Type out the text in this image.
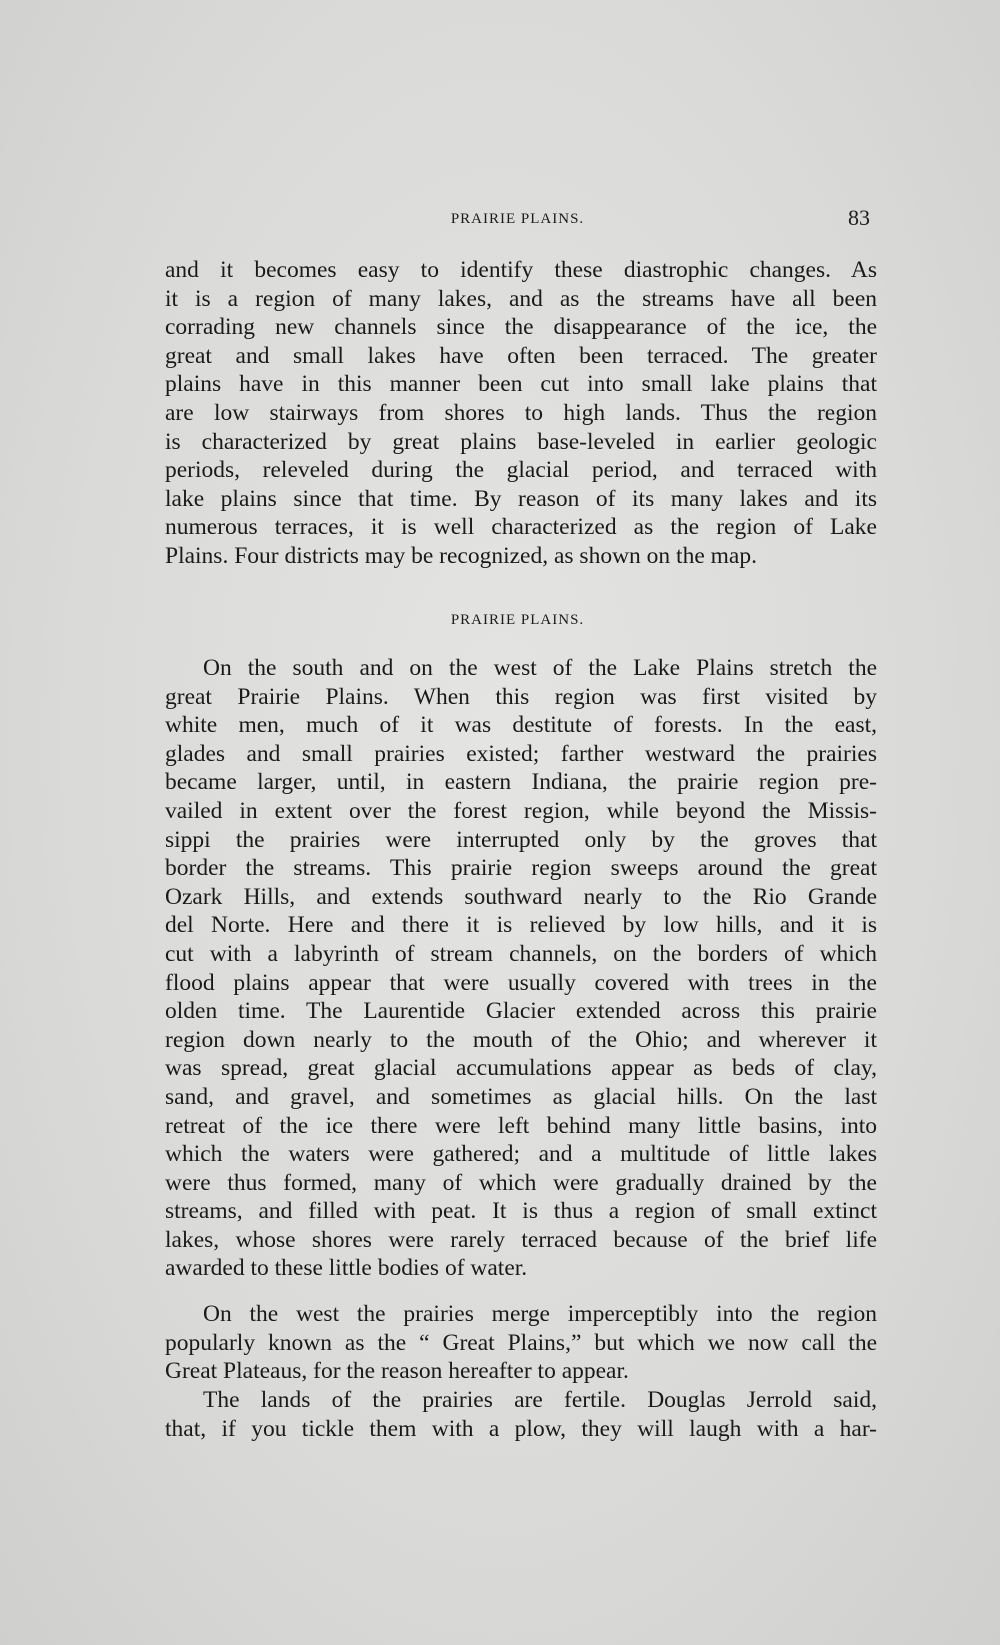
PRAIRIE PLAINS.	83
and it becomes easy to identify these diastrophic changes. As
it is a region of many lakes, and as the streams have all been
corrading new channels since the disappearance of the ice, the
great and small lakes have often been terraced. The greater
plains have in this manner been cut into small lake plains that
are low stairways from shores to high lands. Thus the region
is characterized by great plains base-leveled in earlier geologic
periods, releveled during the glacial period, and terraced with
lake plains since that time. By reason of its many lakes and its
numerous terraces, it is well characterized as the region of Lake
Plains. Four districts may be recognized, as shown on the map.
PRAIRIE PLAINS.
On the south and on the west of the Lake Plains stretch the
great Prairie Plains. When this region was first visited by
white men, much of it was destitute of forests. In the east,
glades and small prairies existed; farther westward the prairies
became larger, until, in eastern Indiana, the prairie region pre-
vailed in extent over the forest region, while beyond the Missis-
sippi the prairies were interrupted only by the groves that
border the streams. This prairie region sweeps around the great
Ozark Hills, and extends southward nearly to the Rio Grande
del Norte. Here and there it is relieved by low hills, and it is
cut with a labyrinth of stream channels, on the borders of which
flood plains appear that were usually covered with trees in the
olden time. The Laurentide Glacier extended across this prairie
region down nearly to the mouth of the Ohio; and wherever it
was spread, great glacial accumulations appear as beds of clay,
sand, and gravel, and sometimes as glacial hills. On the last
retreat of the ice there were left behind many little basins, into
which the waters were gathered; and a multitude of little lakes
were thus formed, many of which were gradually drained by the
streams, and filled with peat. It is thus a region of small extinct
lakes, whose shores were rarely terraced because of the brief life
awarded to these little bodies of water.
On the west the prairies merge imperceptibly into the region
popularly known as the “ Great Plains,” but which we now call the
Great Plateaus, for the reason hereafter to appear.
The lands of the prairies are fertile. Douglas Jerrold said,
that, if you tickle them with a plow, they will laugh with a har-
